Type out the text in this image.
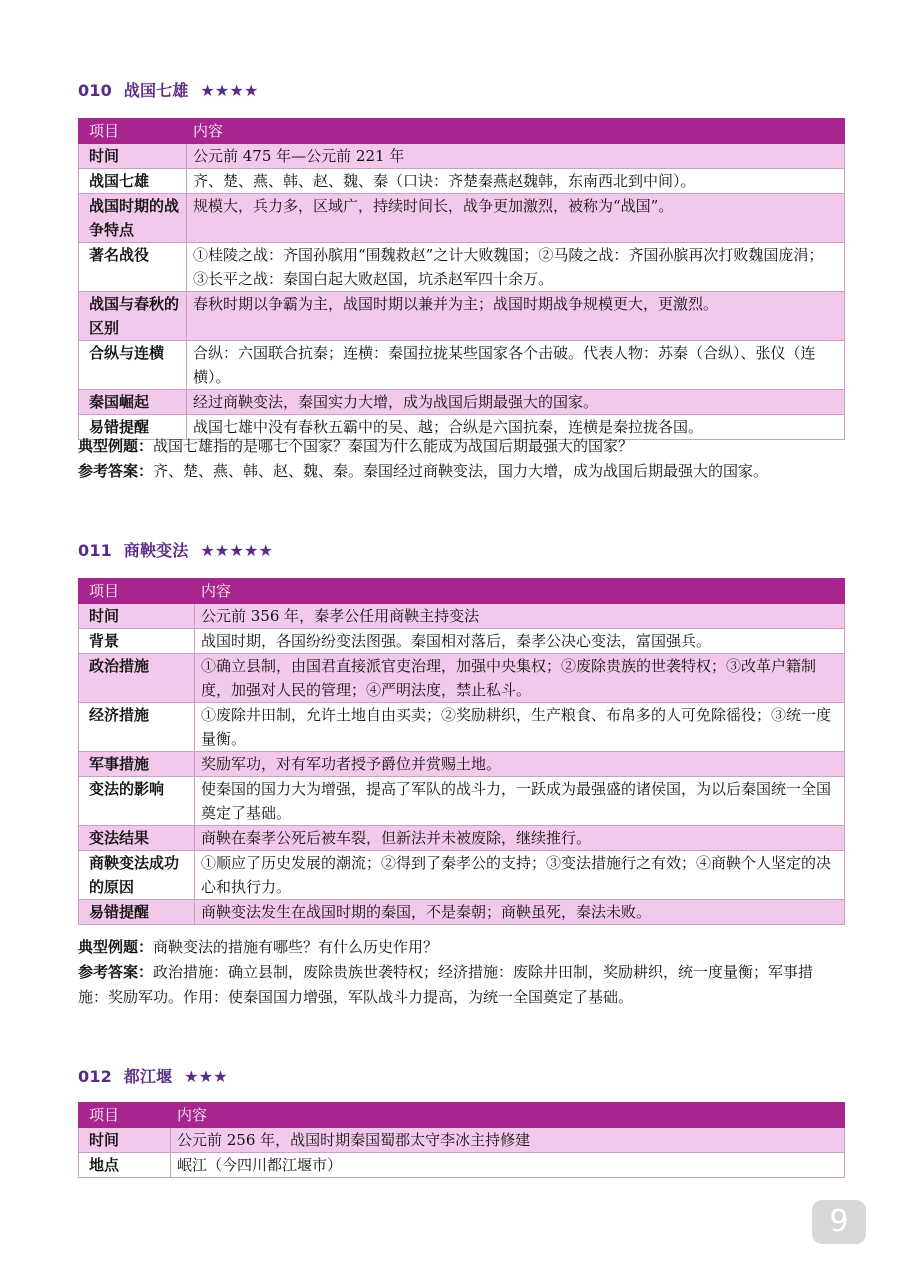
010 战国七雄 ★★★★
项目	内容
时间	公元前 475 年—公元前 221 年
战国七雄	齐、楚、燕、韩、赵、魏、秦（口诀：齐楚秦燕赵魏韩，东南西北到中间）。
战国时期的战争特点	规模大，兵力多，区域广，持续时间长，战争更加激烈，被称为“战国”。
著名战役	①桂陵之战：齐国孙膑用“围魏救赵”之计大败魏国；②马陵之战：齐国孙膑再次打败魏国庞涓；③长平之战：秦国白起大败赵国，坑杀赵军四十余万。
战国与春秋的区别	春秋时期以争霸为主，战国时期以兼并为主；战国时期战争规模更大，更激烈。
合纵与连横	合纵：六国联合抗秦；连横：秦国拉拢某些国家各个击破。代表人物：苏秦（合纵）、张仪（连横）。
秦国崛起	经过商鞅变法，秦国实力大增，成为战国后期最强大的国家。
易错提醒	战国七雄中没有春秋五霸中的吴、越；合纵是六国抗秦，连横是秦拉拢各国。
典型例题：战国七雄指的是哪七个国家？秦国为什么能成为战国后期最强大的国家？
参考答案：齐、楚、燕、韩、赵、魏、秦。秦国经过商鞅变法，国力大增，成为战国后期最强大的国家。
011 商鞅变法 ★★★★★
项目	内容
时间	公元前 356 年，秦孝公任用商鞅主持变法
背景	战国时期，各国纷纷变法图强。秦国相对落后，秦孝公决心变法，富国强兵。
政治措施	①确立县制，由国君直接派官吏治理，加强中央集权；②废除贵族的世袭特权；③改革户籍制度，加强对人民的管理；④严明法度，禁止私斗。
经济措施	①废除井田制，允许土地自由买卖；②奖励耕织，生产粮食、布帛多的人可免除徭役；③统一度量衡。
军事措施	奖励军功，对有军功者授予爵位并赏赐土地。
变法的影响	使秦国的国力大为增强，提高了军队的战斗力，一跃成为最强盛的诸侯国，为以后秦国统一全国奠定了基础。
变法结果	商鞅在秦孝公死后被车裂，但新法并未被废除，继续推行。
商鞅变法成功的原因	①顺应了历史发展的潮流；②得到了秦孝公的支持；③变法措施行之有效；④商鞅个人坚定的决心和执行力。
易错提醒	商鞅变法发生在战国时期的秦国，不是秦朝；商鞅虽死，秦法未败。
典型例题：商鞅变法的措施有哪些？有什么历史作用？
参考答案：政治措施：确立县制，废除贵族世袭特权；经济措施：废除井田制，奖励耕织，统一度量衡；军事措施：奖励军功。作用：使秦国国力增强，军队战斗力提高，为统一全国奠定了基础。
012 都江堰 ★★★
项目	内容
时间	公元前 256 年，战国时期秦国蜀郡太守李冰主持修建
地点	岷江（今四川都江堰市）
9
